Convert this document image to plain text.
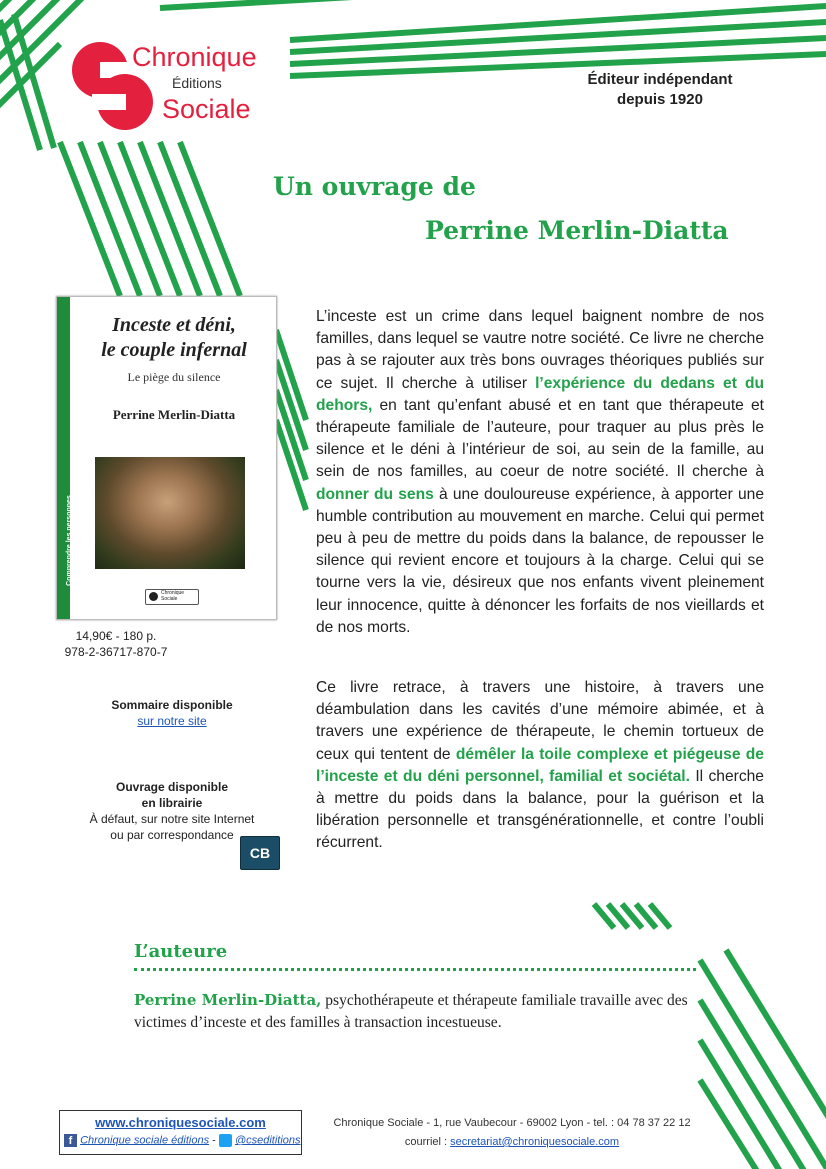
Chronique
Éditions
Sociale
Éditeur indépendant
depuis 1920
Un ouvrage de
Perrine Merlin-Diatta
Comprendre les personnes
Inceste et déni,
le couple infernal
Le piège du silence
Perrine Merlin-Diatta
Chronique
Sociale
14,90€ - 180 p.
978-2-36717-870-7
Sommaire disponible
sur notre site
Ouvrage disponible
en librairie
À défaut, sur notre site Internet
ou par correspondance
CB
L’inceste est un crime dans lequel baignent nombre de nos familles, dans lequel se vautre notre société. Ce livre ne cherche pas à se rajouter aux très bons ouvrages théoriques publiés sur ce sujet. Il cherche à utiliser l’expérience du dedans et du dehors, en tant qu’enfant abusé et en tant que thérapeute et thérapeute familiale de l’auteure, pour traquer au plus près le silence et le déni à l’intérieur de soi, au sein de la famille, au sein de nos familles, au coeur de notre société. Il cherche à donner du sens à une douloureuse expérience, à apporter une humble contribution au mouvement en marche. Celui qui permet peu à peu de mettre du poids dans la balance, de repousser le silence qui revient encore et toujours à la charge. Celui qui se tourne vers la vie, désireux que nos enfants vivent pleinement leur innocence, quitte à dénoncer les forfaits de nos vieillards et de nos morts.
Ce livre retrace, à travers une histoire, à travers une déambulation dans les cavités d’une mémoire abimée, et à travers une expérience de thérapeute, le chemin tortueux de ceux qui tentent de démêler la toile complexe et piégeuse de l’inceste et du déni personnel, familial et sociétal. Il cherche à mettre du poids dans la balance, pour la guérison et la libération personnelle et transgénérationnelle, et contre l’oubli récurrent.
L’auteure
Perrine Merlin-Diatta, psychothérapeute et thérapeute familiale travaille avec des victimes d’inceste et des familles à transaction incestueuse.
www.chroniquesociale.com
f Chronique sociale éditions - @csedititions
Chronique Sociale - 1, rue Vaubecour - 69002 Lyon - tel. : 04 78 37 22 12
courriel : secretariat@chroniquesociale.com
